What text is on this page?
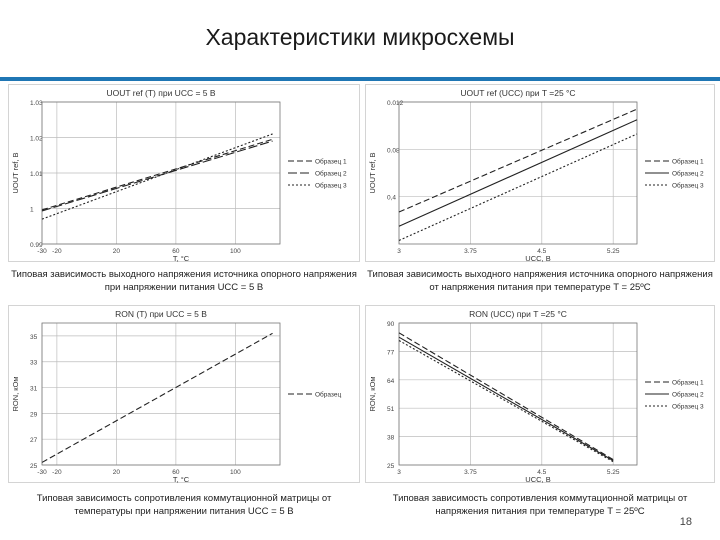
Характеристики микросхемы
UOUT ref (T) при UCC = 5 В
0.99
1
1.01
1.02
1.03
-30 -20	20	60	100
T, °C
UOUT ref, В	Образец 1
Образец 2
Образец 3
UOUT ref (UCC) при T =25 °C
0,4
0.08
0.012
3	3.75	4.5	5.25
UCC, В
UOUT ref, В	Образец 1
Образец 2
Образец 3
RON (T) при UCC = 5 В
25
27
29
31
33
35
-30 -20	20	60	100
T, °C
RON, кОм	Образец
RON (UCC) при T =25 °C
25
38
51
64
77
90
3	3.75	4.5	5.25
UCC, В
RON, кОм	Образец 1
Образец 2
Образец 3
Типовая зависимость выходного напряжения источника опорного напряжения при напряжении питания UCC = 5 В
Типовая зависимость выходного напряжения источника опорного напряжения от напряжения питания при температуре T = 25ºC
Типовая зависимость сопротивления коммутационной матрицы от температуры при напряжении питания UCC = 5 В
Типовая зависимость сопротивления коммутационной матрицы от напряжения питания при температуре T = 25ºC
18
